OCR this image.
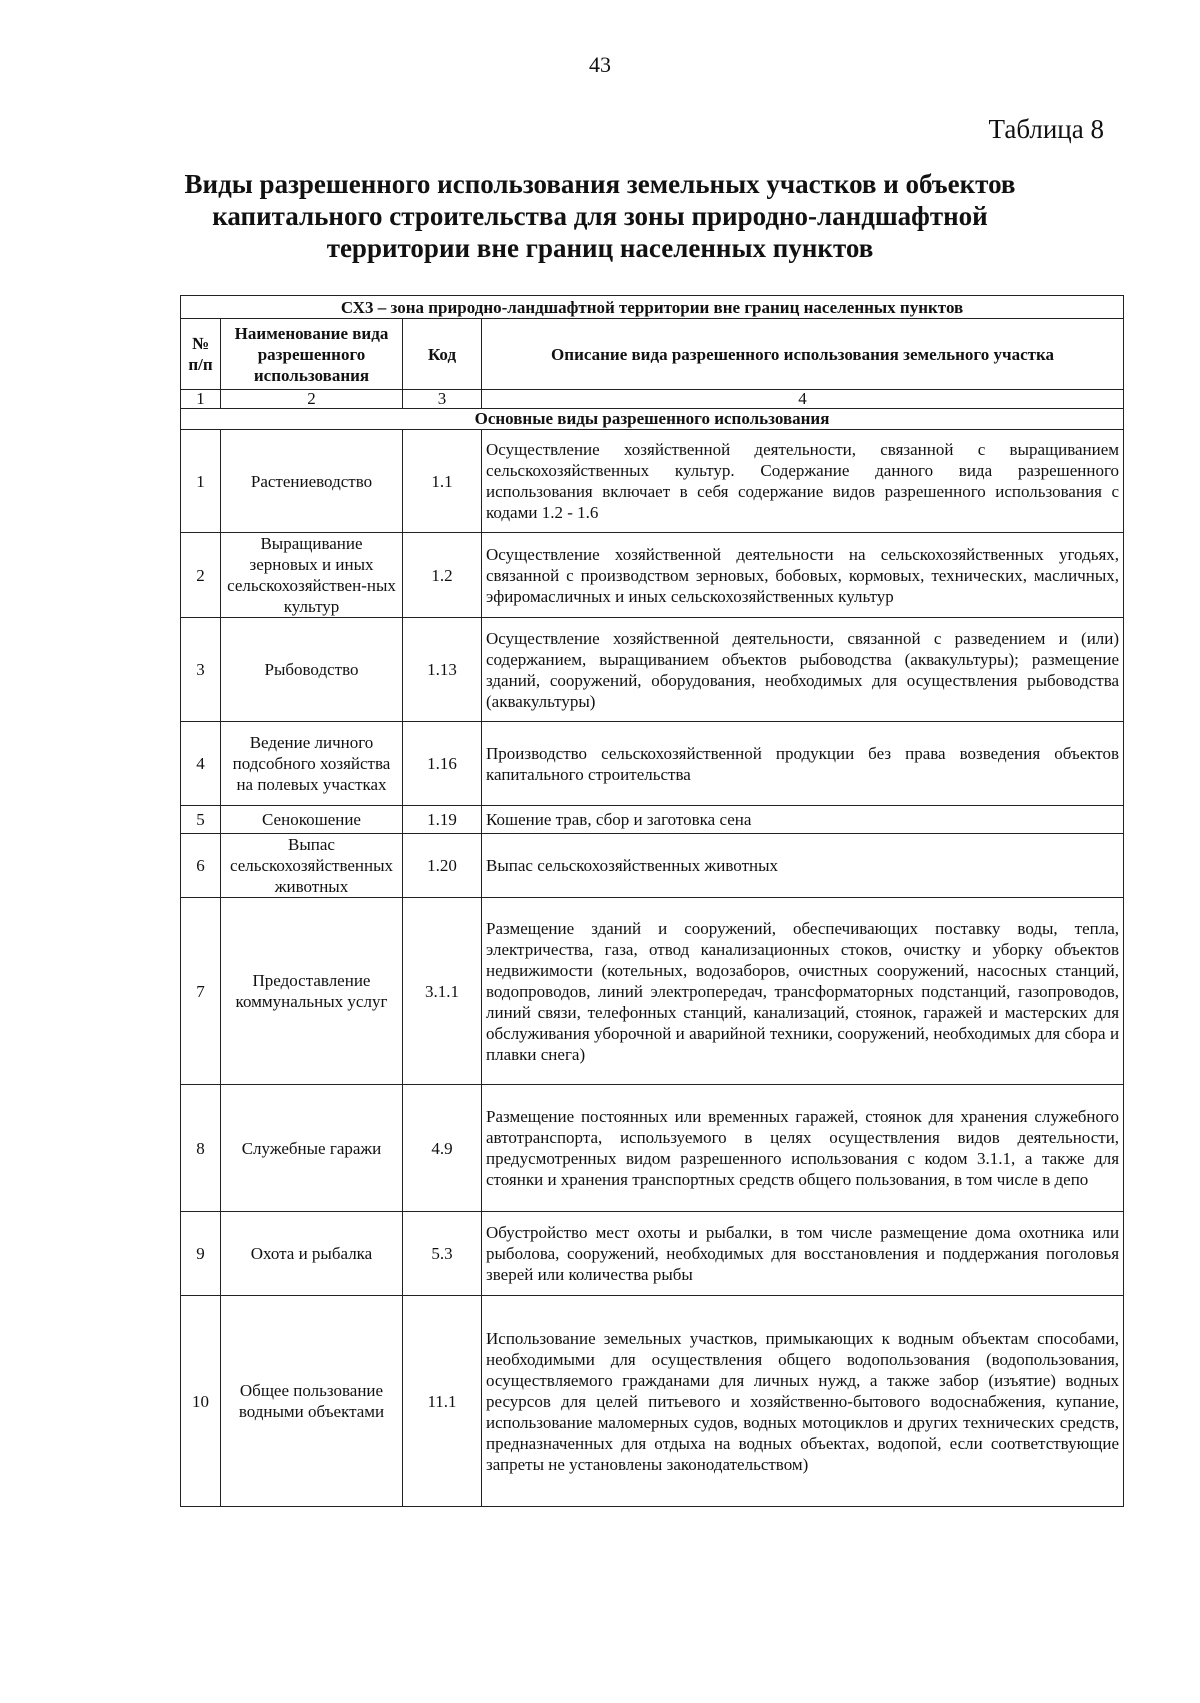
43
Таблица 8
Виды разрешенного использования земельных участков и объектов капитального строительства для зоны природно-ландшафтной территории вне границ населенных пунктов
СХ3 – зона природно-ландшафтной территории вне границ населенных пунктов			
№ п/п	Наименование вида разрешенного использования	Код	Описание вида разрешенного использования земельного участка
1	2	3	4
Основные виды разрешенного использования			
1	Растениеводство	1.1	Осуществление хозяйственной деятельности, связанной с выращиванием сельскохозяйственных культур. Содержание данного вида разрешенного использования включает в себя содержание видов разрешенного использования с кодами 1.2 - 1.6
2	Выращивание зерновых и иных сельскохозяйствен-ных культур	1.2	Осуществление хозяйственной деятельности на сельскохозяйственных угодьях, связанной с производством зерновых, бобовых, кормовых, технических, масличных, эфиромасличных и иных сельскохозяйственных культур
3	Рыбоводство	1.13	Осуществление хозяйственной деятельности, связанной с разведением и (или) содержанием, выращиванием объектов рыбоводства (аквакультуры); размещение зданий, сооружений, оборудования, необходимых для осуществления рыбоводства (аквакультуры)
4	Ведение личного подсобного хозяйства на полевых участках	1.16	Производство сельскохозяйственной продукции без права возведения объектов капитального строительства
5	Сенокошение	1.19	Кошение трав, сбор и заготовка сена
6	Выпас сельскохозяйственных животных	1.20	Выпас сельскохозяйственных животных
7	Предоставление коммунальных услуг	3.1.1	Размещение зданий и сооружений, обеспечивающих поставку воды, тепла, электричества, газа, отвод канализационных стоков, очистку и уборку объектов недвижимости (котельных, водозаборов, очистных сооружений, насосных станций, водопроводов, линий электропередач, трансформаторных подстанций, газопроводов, линий связи, телефонных станций, канализаций, стоянок, гаражей и мастерских для обслуживания уборочной и аварийной техники, сооружений, необходимых для сбора и плавки снега)
8	Служебные гаражи	4.9	Размещение постоянных или временных гаражей, стоянок для хранения служебного автотранспорта, используемого в целях осуществления видов деятельности, предусмотренных видом разрешенного использования с кодом 3.1.1, а также для стоянки и хранения транспортных средств общего пользования, в том числе в депо
9	Охота и рыбалка	5.3	Обустройство мест охоты и рыбалки, в том числе размещение дома охотника или рыболова, сооружений, необходимых для восстановления и поддержания поголовья зверей или количества рыбы
10	Общее пользование водными объектами	11.1	Использование земельных участков, примыкающих к водным объектам способами, необходимыми для осуществления общего водопользования (водопользования, осуществляемого гражданами для личных нужд, а также забор (изъятие) водных ресурсов для целей питьевого и хозяйственно-бытового водоснабжения, купание, использование маломерных судов, водных мотоциклов и других технических средств, предназначенных для отдыха на водных объектах, водопой, если соответствующие запреты не установлены законодательством)
